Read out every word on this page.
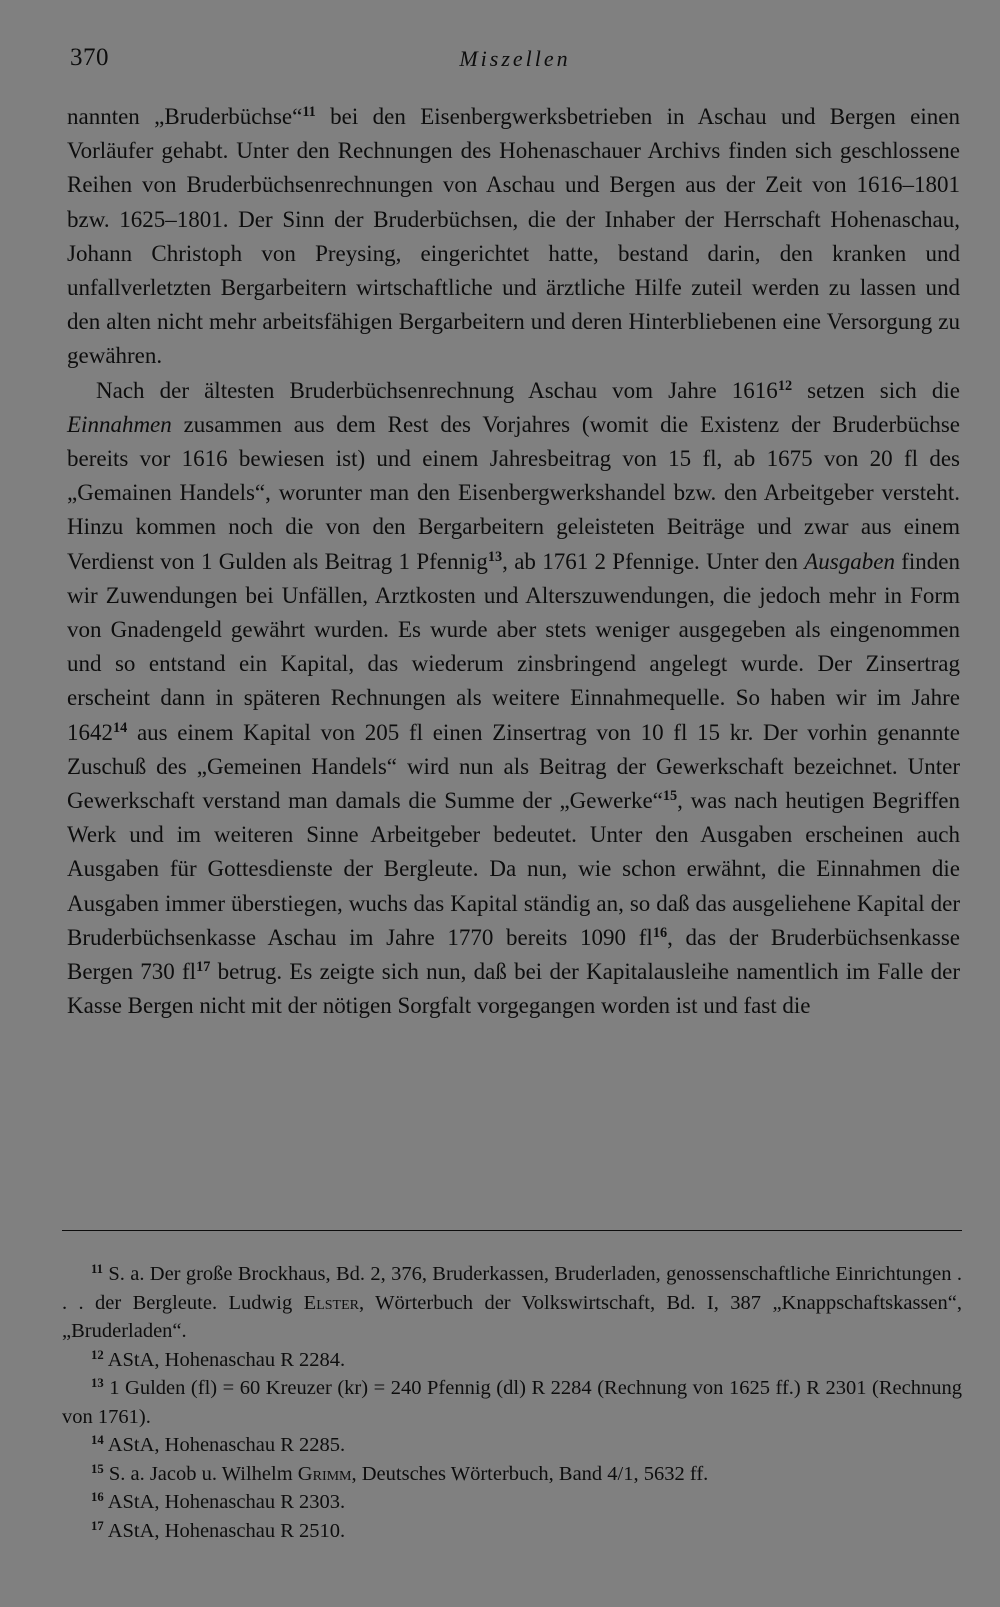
370	Miszellen

nannten „Bruderbüchse“$^{11}$ bei den Eisenbergwerksbetrieben in Aschau und Bergen einen Vorläufer gehabt. Unter den Rechnungen des Hohenaschauer Archivs finden sich geschlossene Reihen von Bruderbüchsenrechnungen von Aschau und Bergen aus der Zeit von 1616–1801 bzw. 1625–1801. Der Sinn der Bruderbüchsen, die der Inhaber der Herrschaft Hohenaschau, Johann Christoph von Preysing, eingerichtet hatte, bestand darin, den kranken und unfallverletzten Bergarbeitern wirtschaftliche und ärztliche Hilfe zuteil werden zu lassen und den alten nicht mehr arbeitsfähigen Bergarbeitern und deren Hinterbliebenen eine Versorgung zu gewähren.

Nach der ältesten Bruderbüchsenrechnung Aschau vom Jahre 1616$^{12}$ setzen sich die Einnahmen zusammen aus dem Rest des Vorjahres (womit die Existenz der Bruderbüchse bereits vor 1616 bewiesen ist) und einem Jahresbeitrag von 15 fl, ab 1675 von 20 fl des „Gemainen Handels“, worunter man den Eisenbergwerkshandel bzw. den Arbeitgeber versteht. Hinzu kommen noch die von den Bergarbeitern geleisteten Beiträge und zwar aus einem Verdienst von 1 Gulden als Beitrag 1 Pfennig$^{13}$, ab 1761 2 Pfennige. Unter den Ausgaben finden wir Zuwendungen bei Unfällen, Arztkosten und Alterszuwendungen, die jedoch mehr in Form von Gnadengeld gewährt wurden. Es wurde aber stets weniger ausgegeben als eingenommen und so entstand ein Kapital, das wiederum zinsbringend angelegt wurde. Der Zinsertrag erscheint dann in späteren Rechnungen als weitere Einnahmequelle. So haben wir im Jahre 1642$^{14}$ aus einem Kapital von 205 fl einen Zinsertrag von 10 fl 15 kr. Der vorhin genannte Zuschuß des „Gemeinen Handels“ wird nun als Beitrag der Gewerkschaft bezeichnet. Unter Gewerkschaft verstand man damals die Summe der „Gewerke“$^{15}$, was nach heutigen Begriffen Werk und im weiteren Sinne Arbeitgeber bedeutet. Unter den Ausgaben erscheinen auch Ausgaben für Gottesdienste der Bergleute. Da nun, wie schon erwähnt, die Einnahmen die Ausgaben immer überstiegen, wuchs das Kapital ständig an, so daß das ausgeliehene Kapital der Bruderbüchsenkasse Aschau im Jahre 1770 bereits 1090 $fl^{16}$, das der Bruderbüchsenkasse Bergen 730 $fl^{17}$ betrug. Es zeigte sich nun, daß bei der Kapitalausleihe namentlich im Falle der Kasse Bergen nicht mit der nötigen Sorgfalt vorgegangen worden ist und fast die

$^{11}$ S. a. Der große Brockhaus, Bd. 2, 376, Bruderkassen, Bruderladen, genossenschaftliche Einrichtungen . . . der Bergleute. Ludwig Elster, Wörterbuch der Volkswirtschaft, Bd. I, 387 „Knappschaftskassen“, „Bruderladen“.

$^{12}$ AStA, Hohenaschau R 2284.

$^{13}$ 1 Gulden (fl) = 60 Kreuzer (kr) = 240 Pfennig (dl) R 2284 (Rechnung von 1625 ff.) R 2301 (Rechnung von 1761).

$^{14}$ AStA, Hohenaschau R 2285.

$^{15}$ S. a. Jacob u. Wilhelm Grimm, Deutsches Wörterbuch, Band 4/1, 5632 ff.

$^{16}$ AStA, Hohenaschau R 2303.

$^{17}$ AStA, Hohenaschau R 2510.
